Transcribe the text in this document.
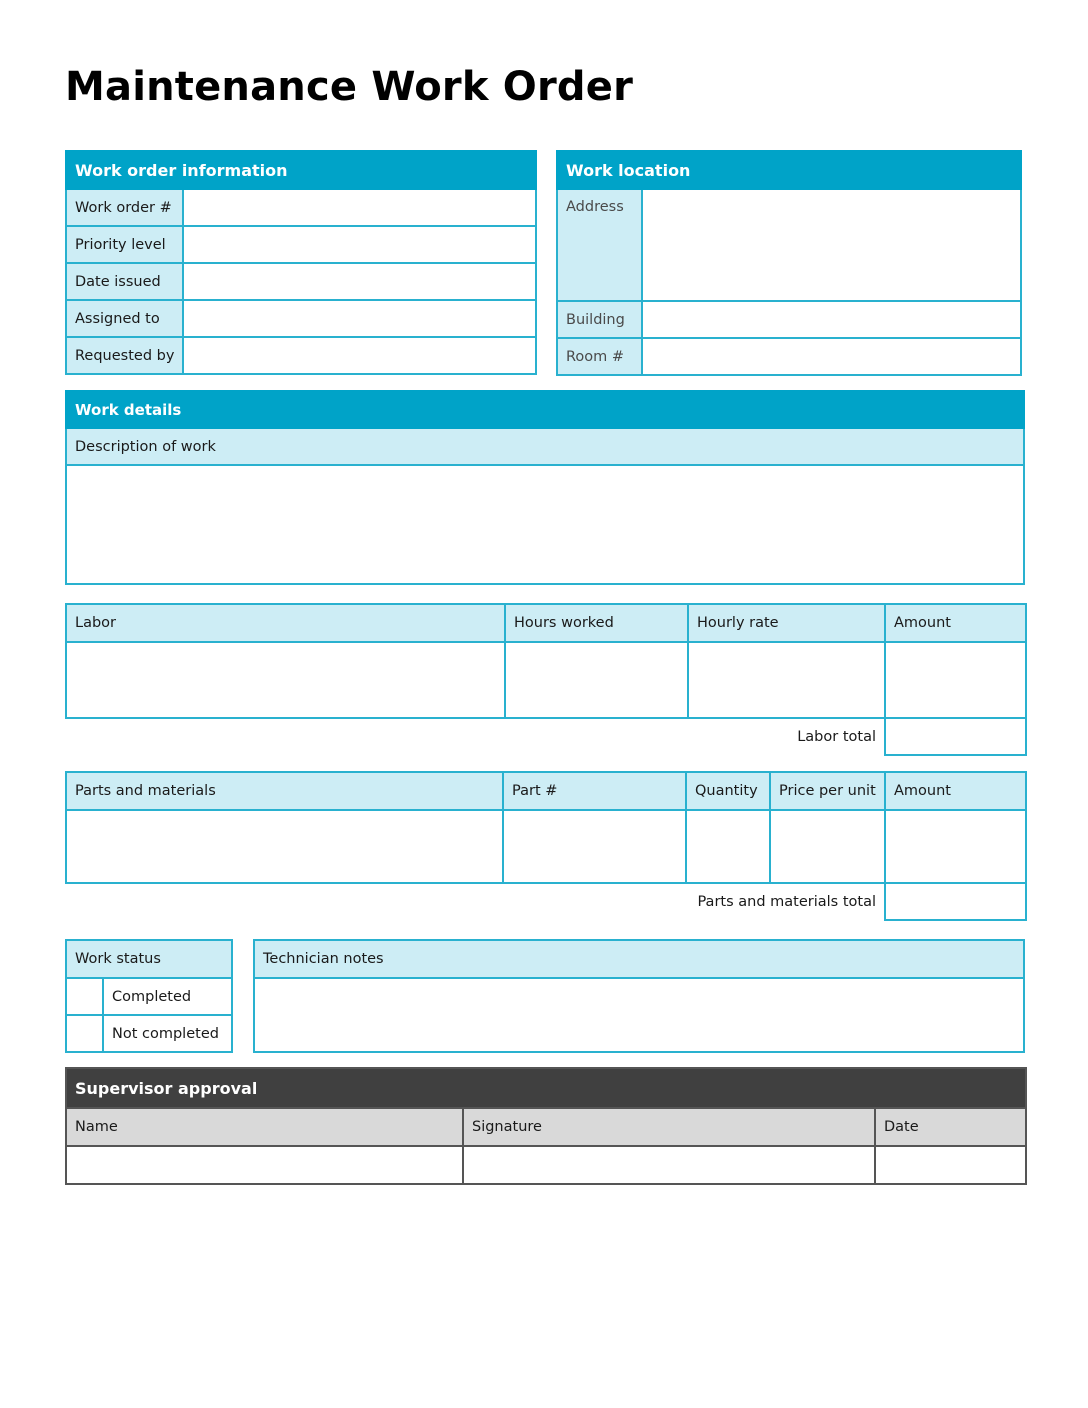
Maintenance Work Order
Work order information	
Work order #	
Priority level	
Date issued	
Assigned to	
Requested by	
Work location	
Address	
Building	
Room #	
Work details
Description of work

Labor	Hours worked	Hourly rate	Amount

Labor total			
Parts and materials	Part #	Quantity	Price per unit	Amount

Parts and materials total				
Work status	
	Completed
	Not completed
Technician notes

Supervisor approval		
Name	Signature	Date
